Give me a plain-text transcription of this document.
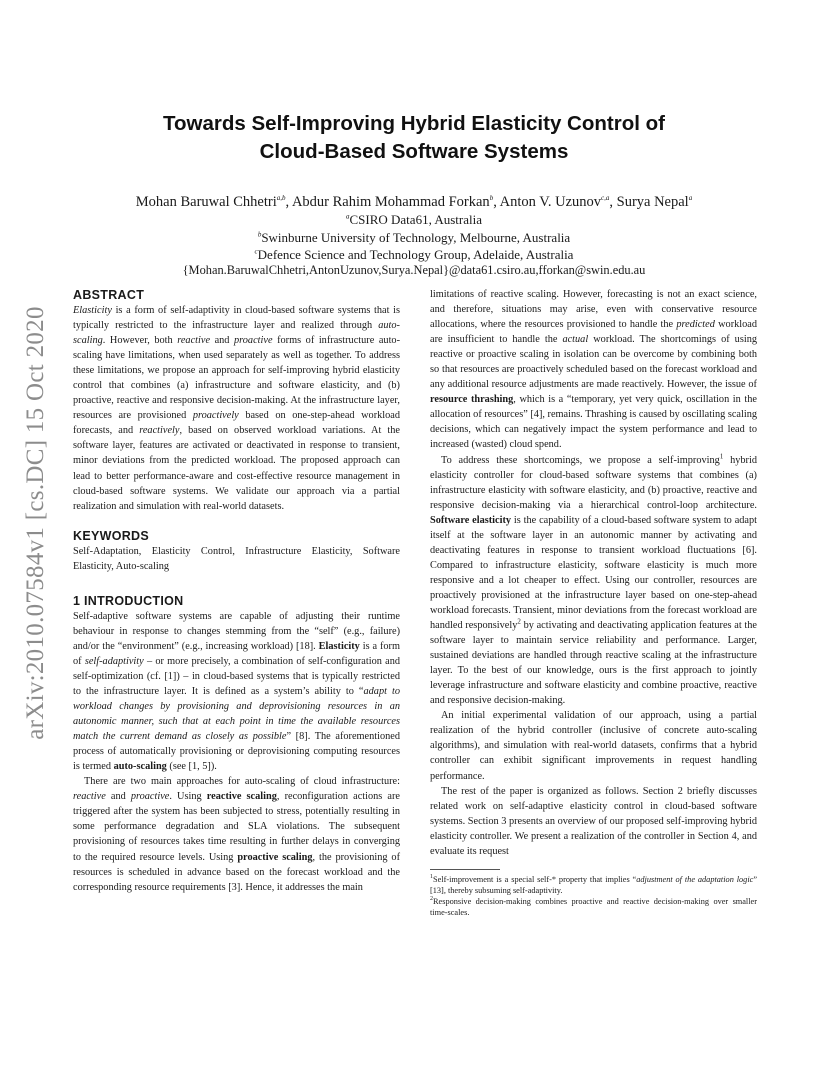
arXiv:2010.07584v1 [cs.DC] 15 Oct 2020
Towards Self-Improving Hybrid Elasticity Control of
Cloud-Based Software Systems
Mohan Baruwal Chhetri$^{a,b}$, Abdur Rahim Mohammad Forkan$^b$, Anton V. Uzunov$^{c,a}$, Surya Nepal$^a$
$^a$CSIRO Data61, Australia
$^b$Swinburne University of Technology, Melbourne, Australia
$^c$Defence Science and Technology Group, Adelaide, Australia
{Mohan.BaruwalChhetri,AntonUzunov,Surya.Nepal}@data61.csiro.au,fforkan@swin.edu.au
ABSTRACT

Elasticity is a form of self-adaptivity in cloud-based software systems that is typically restricted to the infrastructure layer and realized through auto-scaling. However, both reactive and proactive forms of infrastructure auto-scaling have limitations, when used separately as well as together. To address these limitations, we propose an approach for self-improving hybrid elasticity control that combines (a) infrastructure and software elasticity, and (b) proactive, reactive and responsive decision-making. At the infrastructure layer, resources are provisioned proactively based on one-step-ahead workload forecasts, and reactively, based on observed workload variations. At the software layer, features are activated or deactivated in response to transient, minor deviations from the predicted workload. The proposed approach can lead to better performance-aware and cost-effective resource management in cloud-based software systems. We validate our approach via a partial realization and simulation with real-world datasets.

KEYWORDS

Self-Adaptation, Elasticity Control, Infrastructure Elasticity, Software Elasticity, Auto-scaling

1 INTRODUCTION

Self-adaptive software systems are capable of adjusting their runtime behaviour in response to changes stemming from the “self” (e.g., failure) and/or the “environment” (e.g., increasing workload) [18]. Elasticity is a form of self-adaptivity – or more precisely, a combination of self-configuration and self-optimization (cf. [1]) – in cloud-based systems that is typically restricted to the infrastructure layer. It is defined as a system’s ability to “adapt to workload changes by provisioning and deprovisioning resources in an autonomic manner, such that at each point in time the available resources match the current demand as closely as possible” [8]. The aforementioned process of automatically provisioning or deprovisioning computing resources is termed auto-scaling (see [1, 5]).

There are two main approaches for auto-scaling of cloud infrastructure: reactive and proactive. Using reactive scaling, reconfiguration actions are triggered after the system has been subjected to stress, potentially resulting in some performance degradation and SLA violations. The subsequent provisioning of resources takes time resulting in further delays in converging to the required resource levels. Using proactive scaling, the provisioning of resources is scheduled in advance based on the forecast workload and the corresponding resource requirements [3]. Hence, it addresses the main

limitations of reactive scaling. However, forecasting is not an exact science, and therefore, situations may arise, even with conservative resource allocations, where the resources provisioned to handle the predicted workload are insufficient to handle the actual workload. The shortcomings of using reactive or proactive scaling in isolation can be overcome by combining both so that resources are proactively scheduled based on the forecast workload and any additional resource adjustments are made reactively. However, the issue of resource thrashing, which is a “temporary, yet very quick, oscillation in the allocation of resources” [4], remains. Thrashing is caused by oscillating scaling decisions, which can negatively impact the system performance and lead to increased (wasted) cloud spend.

To address these shortcomings, we propose a self-improving$^1$ hybrid elasticity controller for cloud-based software systems that combines (a) infrastructure elasticity with software elasticity, and (b) proactive, reactive and responsive decision-making via a hierarchical control-loop architecture. Software elasticity is the capability of a cloud-based software system to adapt itself at the software layer in an autonomic manner by activating and deactivating features in response to transient workload fluctuations [6]. Compared to infrastructure elasticity, software elasticity is much more responsive and a lot cheaper to effect. Using our controller, resources are proactively provisioned at the infrastructure layer based on one-step-ahead workload forecasts. Transient, minor deviations from the forecast workload are handled responsively$^2$ by activating and deactivating application features at the software layer to maintain service reliability and performance. Larger, sustained deviations are handled through reactive scaling at the infrastructure layer. To the best of our knowledge, ours is the first approach to jointly leverage infrastructure and software elasticity and combine proactive, reactive and responsive decision-making.

An initial experimental validation of our approach, using a partial realization of the hybrid controller (inclusive of concrete auto-scaling algorithms), and simulation with real-world datasets, confirms that a hybrid controller can exhibit significant improvements in request handling performance.

The rest of the paper is organized as follows. Section 2 briefly discusses related work on self-adaptive elasticity control in cloud-based software systems. Section 3 presents an overview of our proposed self-improving hybrid elasticity controller. We present a realization of the controller in Section 4, and evaluate its request

$^1$Self-improvement is a special self-* property that implies “adjustment of the adaptation logic” [13], thereby subsuming self-adaptivity.

$^2$Responsive decision-making combines proactive and reactive decision-making over smaller time-scales.
